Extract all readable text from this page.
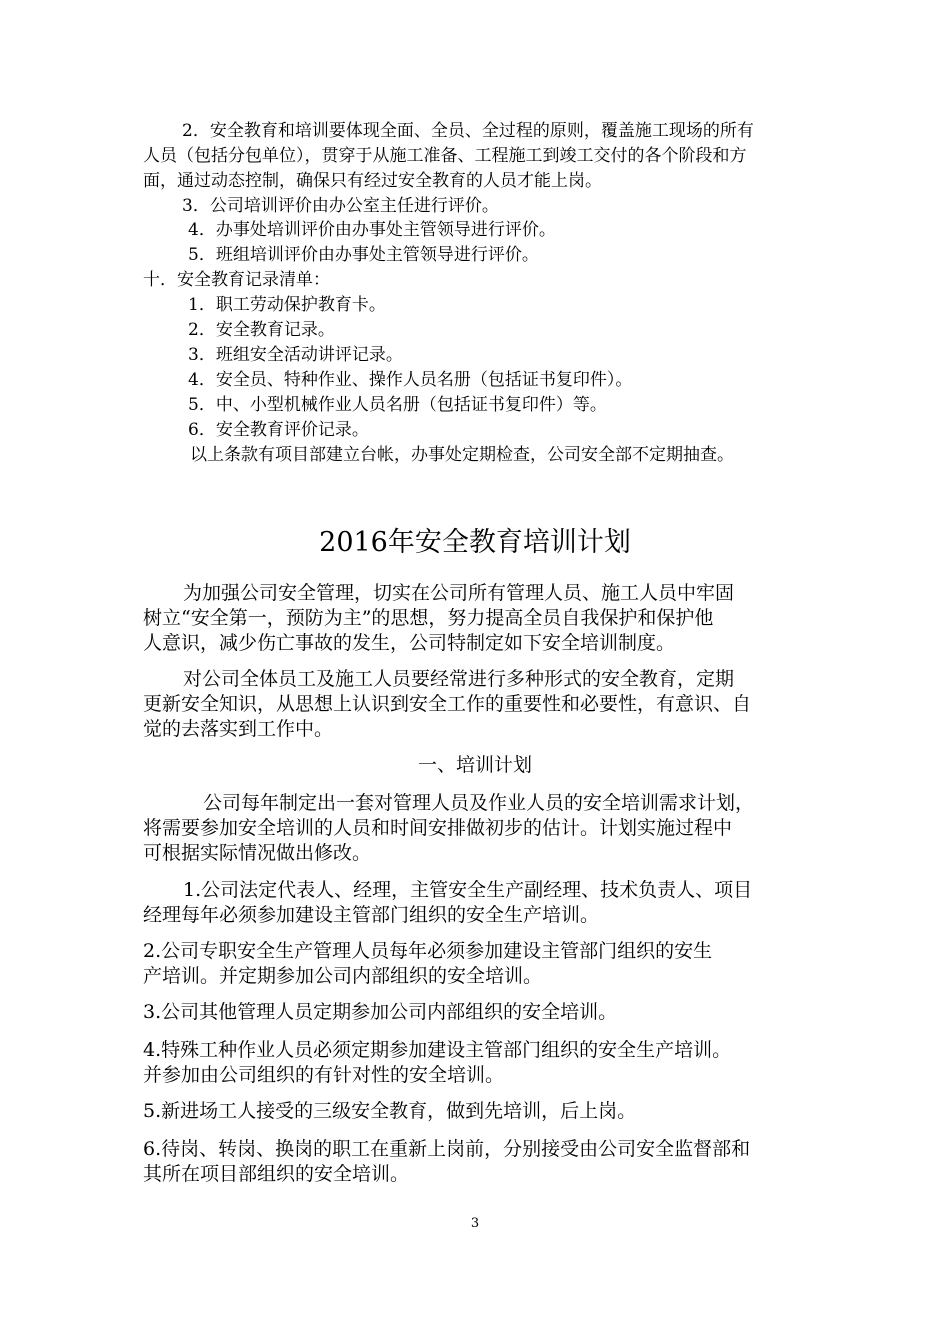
2．安全教育和培训要体现全面、全员、全过程的原则，覆盖施工现场的所有
人员（包括分包单位），贯穿于从施工准备、工程施工到竣工交付的各个阶段和方
面，通过动态控制，确保只有经过安全教育的人员才能上岗。
3．公司培训评价由办公室主任进行评价。
4．办事处培训评价由办事处主管领导进行评价。
5．班组培训评价由办事处主管领导进行评价。
十．安全教育记录清单：
1．职工劳动保护教育卡。
2．安全教育记录。
3．班组安全活动讲评记录。
4．安全员、特种作业、操作人员名册（包括证书复印件）。
5．中、小型机械作业人员名册（包括证书复印件）等。
6．安全教育评价记录。
以上条款有项目部建立台帐，办事处定期检查，公司安全部不定期抽查。
2016年安全教育培训计划
为加强公司安全管理，切实在公司所有管理人员、施工人员中牢固
树立“安全第一，预防为主”的思想，努力提高全员自我保护和保护他
人意识，减少伤亡事故的发生，公司特制定如下安全培训制度。
对公司全体员工及施工人员要经常进行多种形式的安全教育，定期
更新安全知识，从思想上认识到安全工作的重要性和必要性，有意识、自
觉的去落实到工作中。
一、培训计划
公司每年制定出一套对管理人员及作业人员的安全培训需求计划，
将需要参加安全培训的人员和时间安排做初步的估计。计划实施过程中
可根据实际情况做出修改。
1.公司法定代表人、经理，主管安全生产副经理、技术负责人、项目
经理每年必须参加建设主管部门组织的安全生产培训。
2.公司专职安全生产管理人员每年必须参加建设主管部门组织的安生
产培训。并定期参加公司内部组织的安全培训。
3.公司其他管理人员定期参加公司内部组织的安全培训。
4.特殊工种作业人员必须定期参加建设主管部门组织的安全生产培训。
并参加由公司组织的有针对性的安全培训。
5.新进场工人接受的三级安全教育，做到先培训，后上岗。
6.待岗、转岗、换岗的职工在重新上岗前，分别接受由公司安全监督部和
其所在项目部组织的安全培训。
3
